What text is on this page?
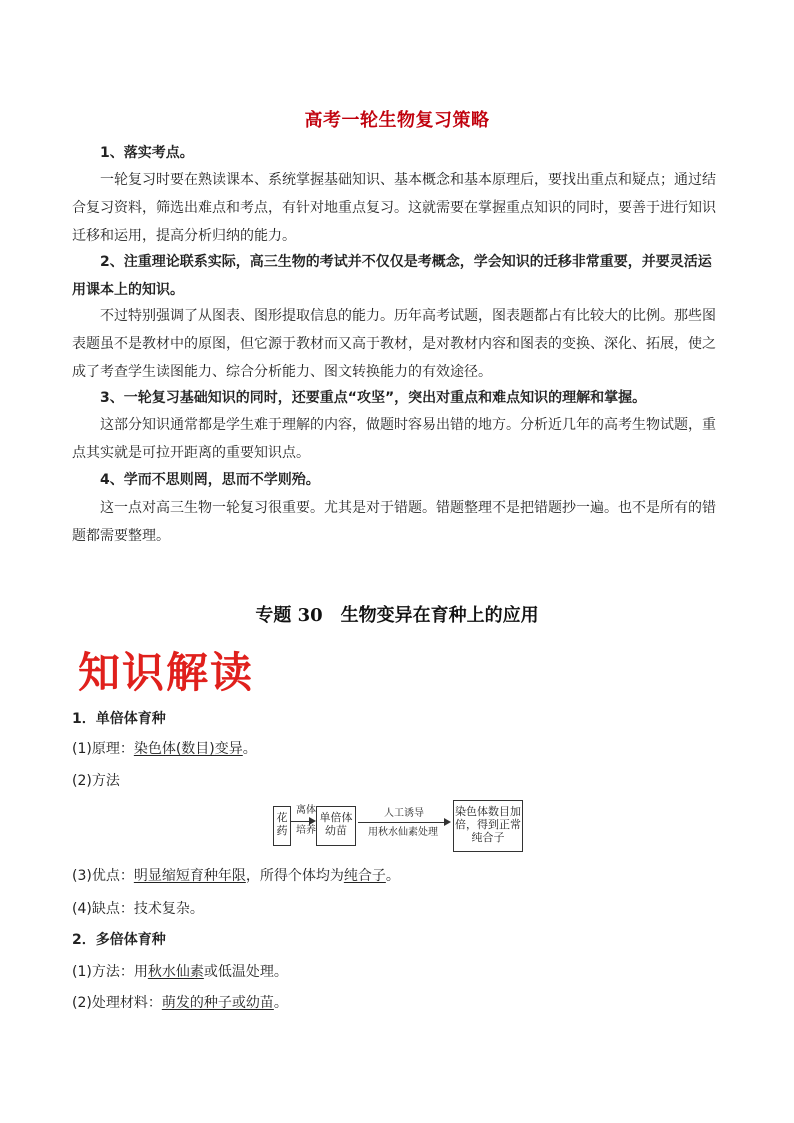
高考一轮生物复习策略
1、落实考点。
一轮复习时要在熟读课本、系统掌握基础知识、基本概念和基本原理后，要找出重点和疑点；通过结合复习资料，筛选出难点和考点，有针对地重点复习。这就需要在掌握重点知识的同时，要善于进行知识迁移和运用，提高分析归纳的能力。
2、注重理论联系实际，高三生物的考试并不仅仅是考概念，学会知识的迁移非常重要，并要灵活运用课本上的知识。
不过特别强调了从图表、图形提取信息的能力。历年高考试题，图表题都占有比较大的比例。那些图表题虽不是教材中的原图，但它源于教材而又高于教材，是对教材内容和图表的变换、深化、拓展，使之成了考查学生读图能力、综合分析能力、图文转换能力的有效途径。
3、一轮复习基础知识的同时，还要重点“攻坚”，突出对重点和难点知识的理解和掌握。
这部分知识通常都是学生难于理解的内容，做题时容易出错的地方。分析近几年的高考生物试题，重点其实就是可拉开距离的重要知识点。
4、学而不思则罔，思而不学则殆。
这一点对高三生物一轮复习很重要。尤其是对于错题。错题整理不是把错题抄一遍。也不是所有的错题都需要整理。
专题 30　生物变异在育种上的应用
知识解读
1．单倍体育种
(1)原理：染色体(数目)变异。
(2)方法
花药
离体
培养
单倍体幼苗
人工诱导
用秋水仙素处理
染色体数目加倍，得到正常纯合子
(3)优点：明显缩短育种年限，所得个体均为纯合子。
(4)缺点：技术复杂。
2．多倍体育种
(1)方法：用秋水仙素或低温处理。
(2)处理材料：萌发的种子或幼苗。
